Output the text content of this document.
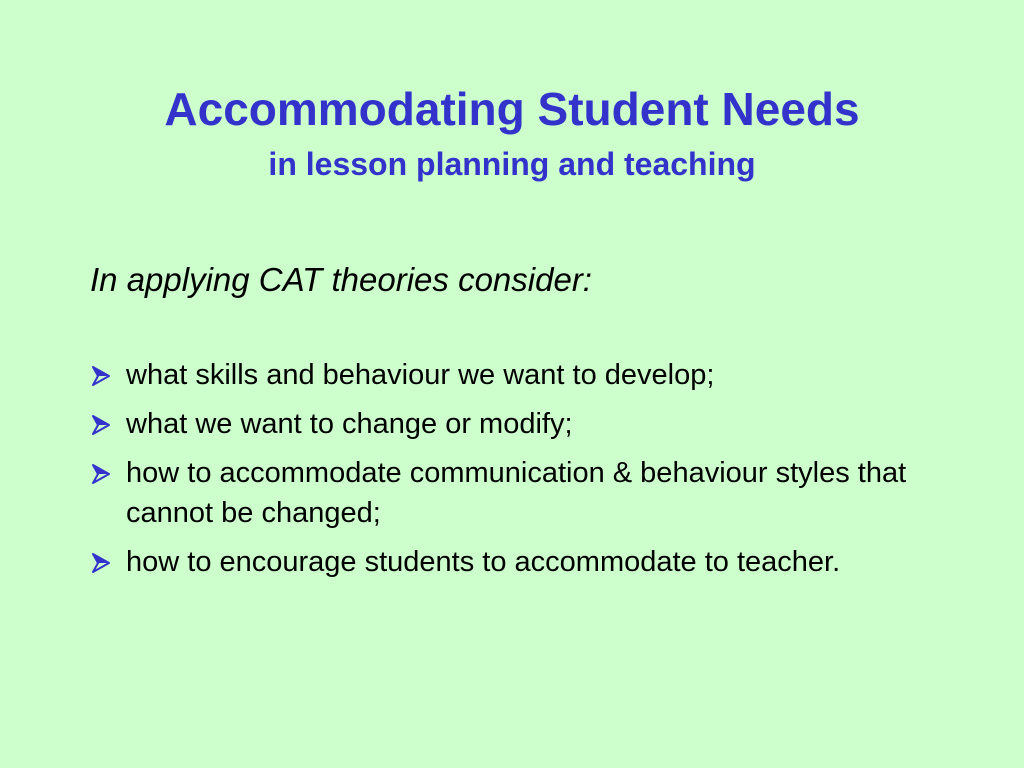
Accommodating Student Needs
in lesson planning and teaching

In applying CAT theories consider:

what skills and behaviour we want to develop;
what we want to change or modify;
how to accommodate communication & behaviour styles that cannot be changed;
how to encourage students to accommodate to teacher.
